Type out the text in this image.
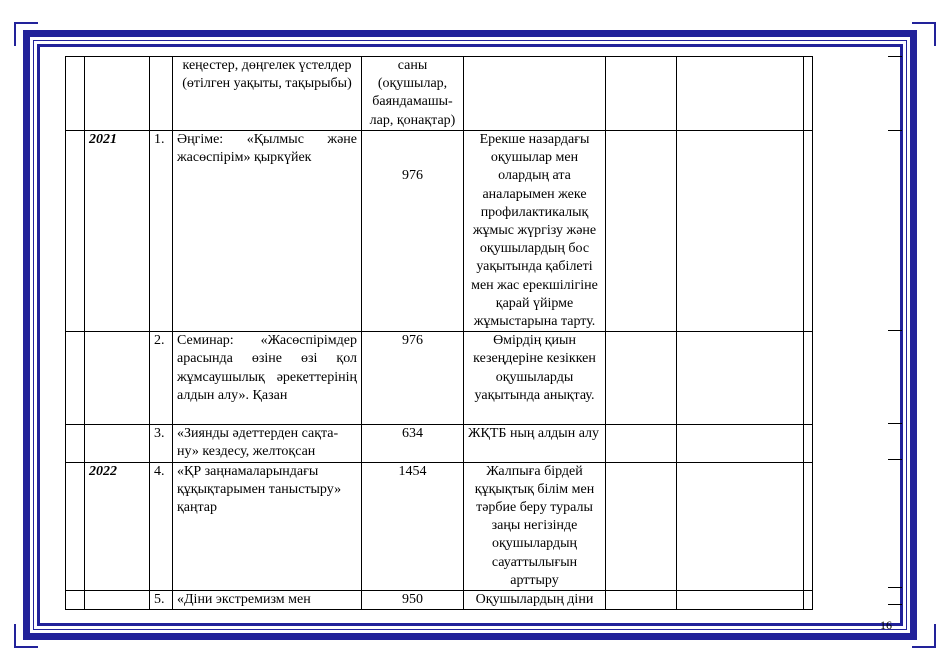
			кеңестер, дөңгелек үстелдер (өтілген уақыты, тақырыбы)	саны (оқушылар, баяндамашы-лар, қонақтар)				
	2021	1.	Әңгіме: «Қылмыс және жасөспірім» қыркүйек	976	Ерекше назардағы оқушылар мен олардың ата аналарымен жеке профилактикалық жұмыс жүргізу және оқушылардың бос уақытында қабілеті мен жас ерекшілігіне қарай үйірме жұмыстарына тарту.			
		2.	Семинар: «Жасөспірімдер арасында өзіне өзі қол жұмсаушылық әрекеттерінің алдын алу». Қазан	976	Өмірдің қиын кезеңдеріне кезіккен оқушыларды уақытында анықтау.			
		3.	«Зиянды әдеттерден сақта-ну» кездесу, желтоқсан	634	ЖҚТБ ның алдын алу			
	2022	4.	«ҚР заңнамаларындағы құқықтарымен таныстыру» қаңтар	1454	Жалпыға бірдей құқықтық білім мен тәрбие беру туралы заңы негізінде оқушылардың сауаттылығын арттыру			
		5.	«Діни экстремизм мен	950	Оқушылардың діни			
16
